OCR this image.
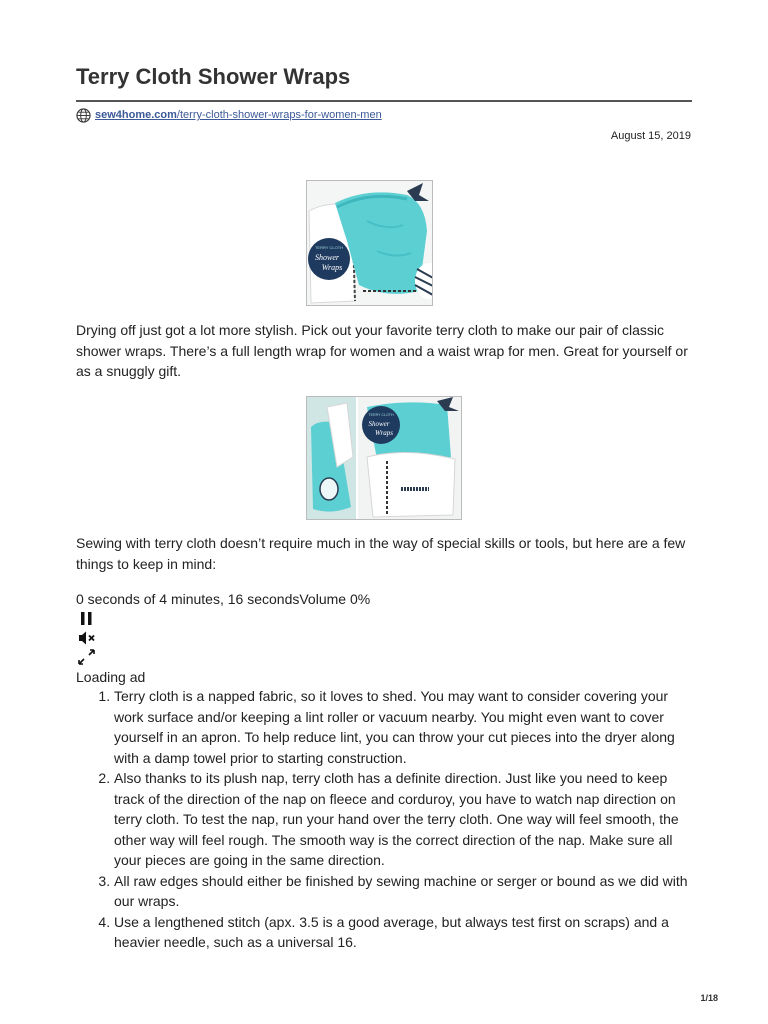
Terry Cloth Shower Wraps
sew4home.com /terry-cloth-shower-wraps-for-women-men
August 15, 2019
TERRY CLOTH
Shower
Wraps

Drying off just got a lot more stylish. Pick out your favorite terry cloth to make our pair of classic shower wraps. There’s a full length wrap for women and a waist wrap for men. Great for yourself or as a snuggly gift.

TERRY CLOTH
Shower
Wraps

Sewing with terry cloth doesn’t require much in the way of special skills or tools, but here are a few things to keep in mind:

0 seconds of 4 minutes, 16 secondsVolume 0%

Loading ad
1. Terry cloth is a napped fabric, so it loves to shed. You may want to consider covering your work surface and/or keeping a lint roller or vacuum nearby. You might even want to cover yourself in an apron. To help reduce lint, you can throw your cut pieces into the dryer along with a damp towel prior to starting construction.
2. Also thanks to its plush nap, terry cloth has a definite direction. Just like you need to keep track of the direction of the nap on fleece and corduroy, you have to watch nap direction on terry cloth. To test the nap, run your hand over the terry cloth. One way will feel smooth, the other way will feel rough. The smooth way is the correct direction of the nap. Make sure all your pieces are going in the same direction.
3. All raw edges should either be finished by sewing machine or serger or bound as we did with our wraps.
4. Use a lengthened stitch (apx. 3.5 is a good average, but always test first on scraps) and a heavier needle, such as a universal 16.
1/18
